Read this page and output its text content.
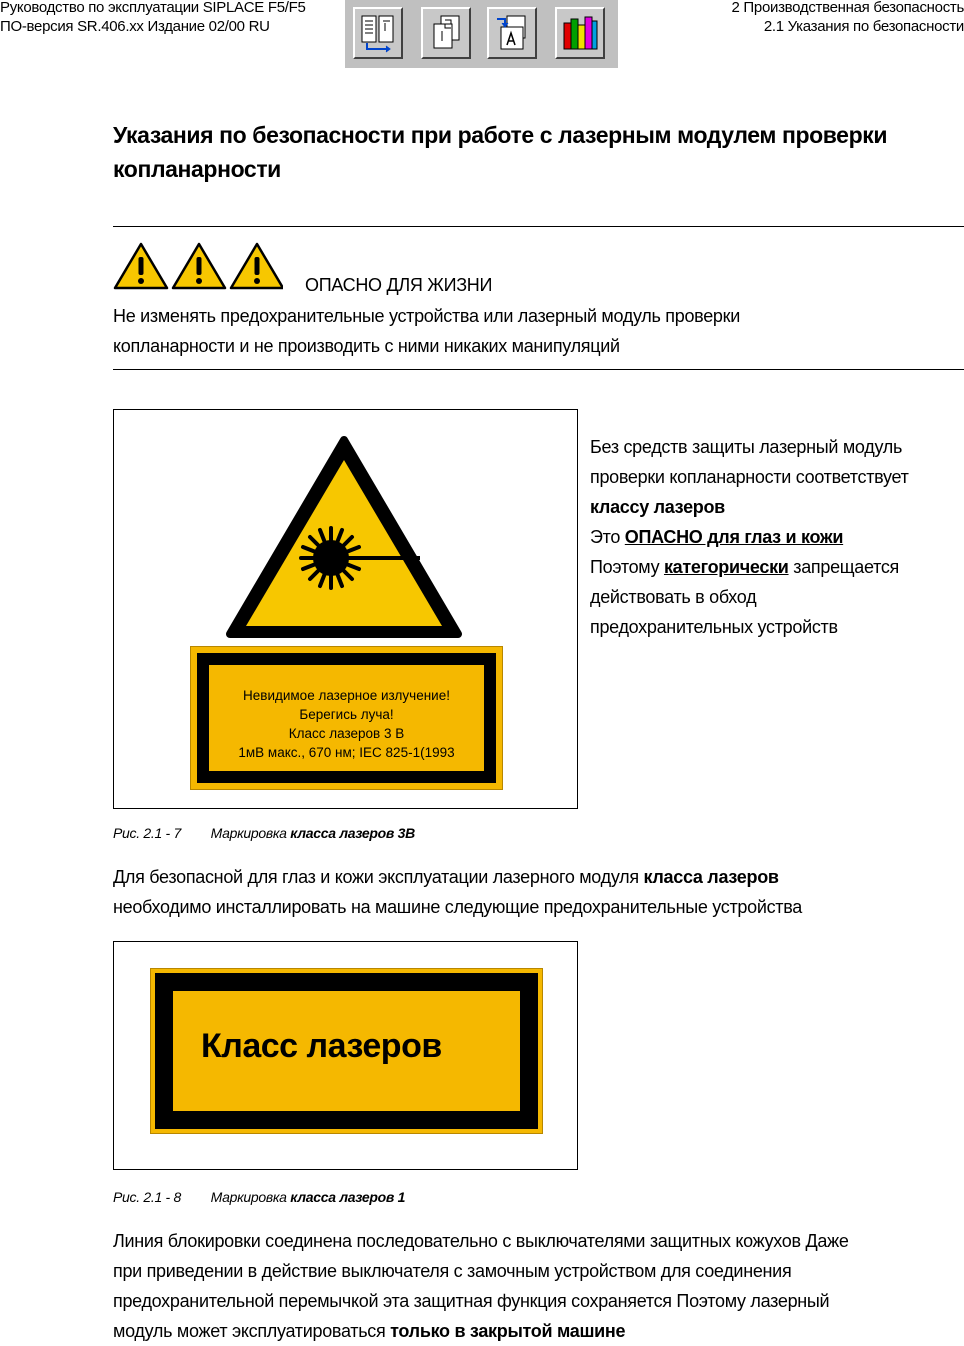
Руководство по эксплуатации SIPLACE F5/F5
ПО-версия SR.406.xx Издание 02/00 RU
2 Производственная безопасность
2.1 Указания по безопасности
Указания по безопасности при работе с лазерным модулем проверки
копланарности
ОПАСНО ДЛЯ ЖИЗНИ
Не изменять предохранительные устройства или лазерный модуль проверки
копланарности и не производить с ними никаких манипуляций
Невидимое лазерное излучение!
Берегись луча!
Класс лазеров 3 В
1мВ макс., 670 нм; IEC 825-1(1993
Без средств защиты лазерный модуль
проверки копланарности соответствует
классу лазеров
Это ОПАСНО для глаз и кожи
Поэтому категорически запрещается
действовать в обход
предохранительных устройств
Рис. 2.1 - 7 Маркировка класса лазеров 3B
Для безопасной для глаз и кожи эксплуатации лазерного модуля класса лазеров
необходимо инсталлировать на машине следующие предохранительные устройства
Класс лазеров
Рис. 2.1 - 8 Маркировка класса лазеров 1
Линия блокировки соединена последовательно с выключателями защитных кожухов Даже
при приведении в действие выключателя с замочным устройством для соединения
предохранительной перемычкой эта защитная функция сохраняется Поэтому лазерный
модуль может эксплуатироваться только в закрытой машине
